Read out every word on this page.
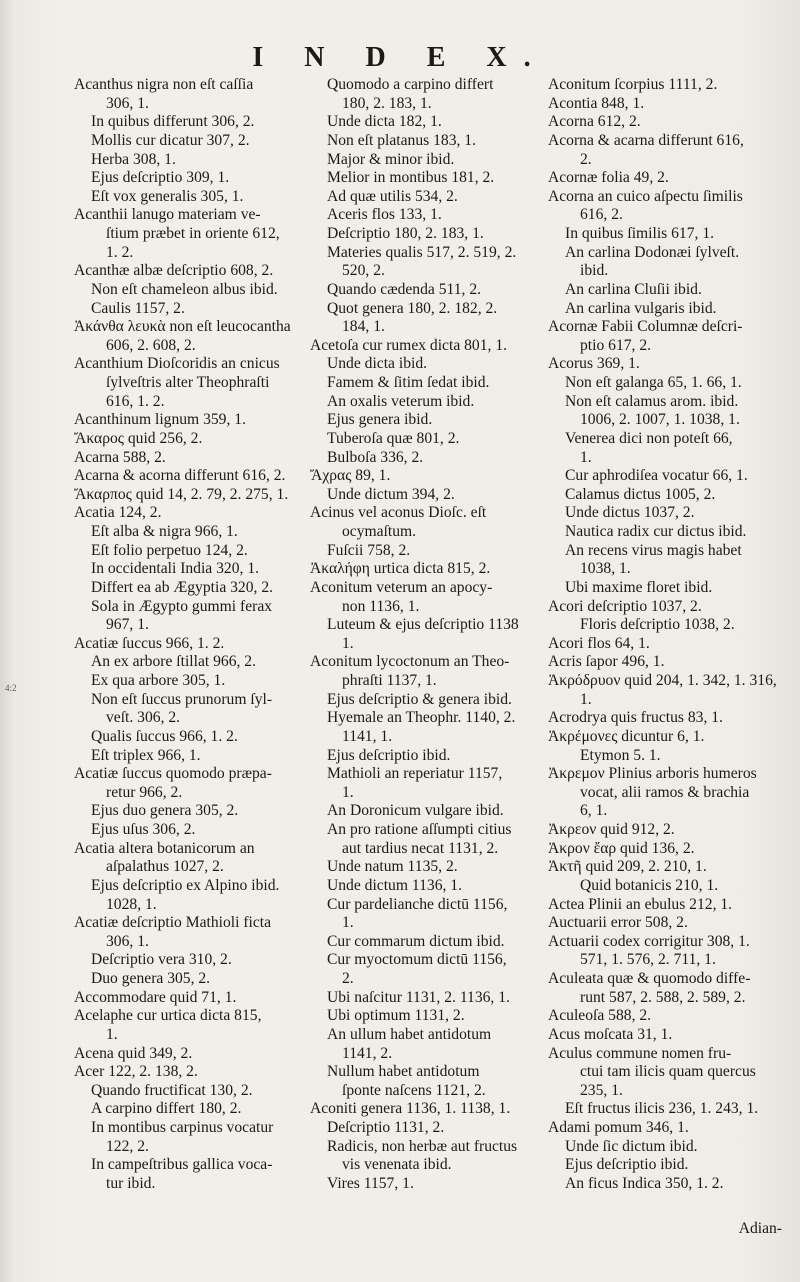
I N D E X.
4:2
Acanthus nigra non eſt caſſia
306, 1.
In quibus differunt 306, 2.
Mollis cur dicatur 307, 2.
Herba 308, 1.
Ejus deſcriptio 309, 1.
Eſt vox generalis 305, 1.
Acanthii lanugo materiam ve-
ſtium præbet in oriente 612,
1. 2.
Acanthæ albæ deſcriptio 608, 2.
Non eſt chameleon albus ibid.
Caulis 1157, 2.
Ἀκάνθα λευκὰ non eſt leucocantha
606, 2. 608, 2.
Acanthium Dioſcoridis an cnicus
ſylveſtris alter Theophraſti
616, 1. 2.
Acanthinum lignum 359, 1.
Ἄκαρος quid 256, 2.
Acarna 588, 2.
Acarna & acorna differunt 616, 2.
Ἄκαρπος quid 14, 2. 79, 2. 275, 1.
Acatia 124, 2.
Eſt alba & nigra 966, 1.
Eſt folio perpetuo 124, 2.
In occidentali India 320, 1.
Differt ea ab Ægyptia 320, 2.
Sola in Ægypto gummi ferax
967, 1.
Acatiæ ſuccus 966, 1. 2.
An ex arbore ſtillat 966, 2.
Ex qua arbore 305, 1.
Non eſt ſuccus prunorum ſyl-
veſt. 306, 2.
Qualis ſuccus 966, 1. 2.
Eſt triplex 966, 1.
Acatiæ ſuccus quomodo præpa-
retur 966, 2.
Ejus duo genera 305, 2.
Ejus uſus 306, 2.
Acatia altera botanicorum an
aſpalathus 1027, 2.
Ejus deſcriptio ex Alpino ibid.
1028, 1.
Acatiæ deſcriptio Mathioli ficta
306, 1.
Deſcriptio vera 310, 2.
Duo genera 305, 2.
Accommodare quid 71, 1.
Acelaphe cur urtica dicta 815,
1.
Acena quid 349, 2.
Acer 122, 2. 138, 2.
Quando fructificat 130, 2.
A carpino differt 180, 2.
In montibus carpinus vocatur
122, 2.
In campeſtribus gallica voca-
tur ibid.
Quomodo a carpino differt
180, 2. 183, 1.
Unde dicta 182, 1.
Non eſt platanus 183, 1.
Major & minor ibid.
Melior in montibus 181, 2.
Ad quæ utilis 534, 2.
Aceris flos 133, 1.
Deſcriptio 180, 2. 183, 1.
Materies qualis 517, 2. 519, 2.
520, 2.
Quando cædenda 511, 2.
Quot genera 180, 2. 182, 2.
184, 1.
Acetoſa cur rumex dicta 801, 1.
Unde dicta ibid.
Famem & ſitim ſedat ibid.
An oxalis veterum ibid.
Ejus genera ibid.
Tuberoſa quæ 801, 2.
Bulboſa 336, 2.
Ἄχρας 89, 1.
Unde dictum 394, 2.
Acinus vel aconus Dioſc. eſt
ocymaſtum.
Fuſcii 758, 2.
Ἀκαλήφη urtica dicta 815, 2.
Aconitum veterum an apocy-
non 1136, 1.
Luteum & ejus deſcriptio 1138
1.
Aconitum lycoctonum an Theo-
phraſti 1137, 1.
Ejus deſcriptio & genera ibid.
Hyemale an Theophr. 1140, 2.
1141, 1.
Ejus deſcriptio ibid.
Mathioli an reperiatur 1157,
1.
An Doronicum vulgare ibid.
An pro ratione aſſumpti citius
aut tardius necat 1131, 2.
Unde natum 1135, 2.
Unde dictum 1136, 1.
Cur pardelianche dictū 1156,
1.
Cur commarum dictum ibid.
Cur myoctomum dictū 1156,
2.
Ubi naſcitur 1131, 2. 1136, 1.
Ubi optimum 1131, 2.
An ullum habet antidotum
1141, 2.
Nullum habet antidotum
ſponte naſcens 1121, 2.
Aconiti genera 1136, 1. 1138, 1.
Deſcriptio 1131, 2.
Radicis, non herbæ aut fructus
vis venenata ibid.
Vires 1157, 1.
Aconitum ſcorpius 1111, 2.
Acontia 848, 1.
Acorna 612, 2.
Acorna & acarna differunt 616,
2.
Acornæ folia 49, 2.
Acorna an cuico aſpectu ſimilis
616, 2.
In quibus ſimilis 617, 1.
An carlina Dodonæi ſylveſt.
ibid.
An carlina Cluſii ibid.
An carlina vulgaris ibid.
Acornæ Fabii Columnæ deſcri-
ptio 617, 2.
Acorus 369, 1.
Non eſt galanga 65, 1. 66, 1.
Non eſt calamus arom. ibid.
1006, 2. 1007, 1. 1038, 1.
Venerea dici non poteſt 66,
1.
Cur aphrodiſea vocatur 66, 1.
Calamus dictus 1005, 2.
Unde dictus 1037, 2.
Nautica radix cur dictus ibid.
An recens virus magis habet
1038, 1.
Ubi maxime floret ibid.
Acori deſcriptio 1037, 2.
Floris deſcriptio 1038, 2.
Acori flos 64, 1.
Acris ſapor 496, 1.
Ἀκρόδρυον quid 204, 1. 342, 1. 316,
1.
Acrodrya quis fructus 83, 1.
Ἀκρέμονες dicuntur 6, 1.
Etymon 5. 1.
Ἀκρεμον Plinius arboris humeros
vocat, alii ramos & brachia
6, 1.
Ἀκρεον quid 912, 2.
Ἀκρον ἔαρ quid 136, 2.
Ἀκτῆ quid 209, 2. 210, 1.
Quid botanicis 210, 1.
Actea Plinii an ebulus 212, 1.
Auctuarii error 508, 2.
Actuarii codex corrigitur 308, 1.
571, 1. 576, 2. 711, 1.
Aculeata quæ & quomodo diffe-
runt 587, 2. 588, 2. 589, 2.
Aculeoſa 588, 2.
Acus moſcata 31, 1.
Aculus commune nomen fru-
ctui tam ilicis quam quercus
235, 1.
Eſt fructus ilicis 236, 1. 243, 1.
Adami pomum 346, 1.
Unde ſic dictum ibid.
Ejus deſcriptio ibid.
An ficus Indica 350, 1. 2.
Adian-
